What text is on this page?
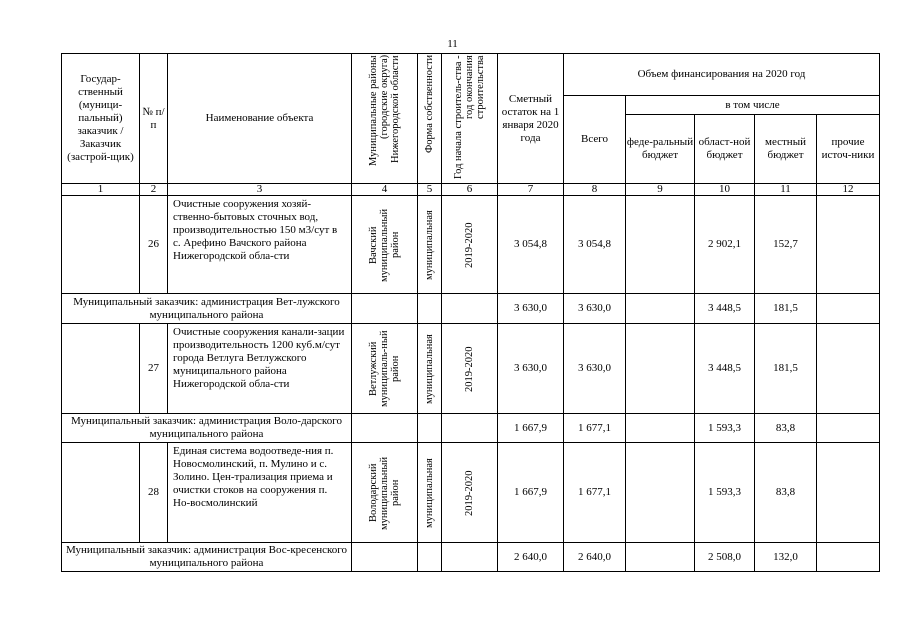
11
Государ-ственный (муници-пальный) заказчик /Заказчик (застрой-щик)	№ п/п	Наименование объекта	Муниципальные районы (городские округа) Нижегородской области	Форма собственности	Год начала строитель-ства - год окончания строительства	Сметный остаток на 1 января 2020 года	Объем финансирования на 2020 год				
							Всего	в том числе			
								феде-ральный бюджет	област-ной бюджет	местный бюджет	прочие источ-ники
1	2	3	4	5	6	7	8	9	10	11	12
	26	Очистные сооружения хозяй-ственно-бытовых сточных вод, производительностью 150 м3/сут в с. Арефино Вачского района Нижегородской обла-сти	Вачский муниципальный район	муниципальная	2019-2020	3 054,8	3 054,8		2 902,1	152,7	
Муниципальный заказчик: администрация Вет-лужского муниципального района						3 630,0	3 630,0		3 448,5	181,5	
	27	Очистные сооружения канали-зации производительность 1200 куб.м/сут города Ветлуга Ветлужского муниципального района Нижегородской обла-сти	Ветлужский муниципаль-ный район	муниципальная	2019-2020	3 630,0	3 630,0		3 448,5	181,5	
Муниципальный заказчик: администрация Воло-дарского муниципального района						1 667,9	1 677,1		1 593,3	83,8	
	28	Единая система водоотведе-ния п. Новосмолинский, п. Мулино и с. Золино. Цен-трализация приема и очистки стоков на сооружения п. Но-восмолинский	Володарский муниципальный район	муниципальная	2019-2020	1 667,9	1 677,1		1 593,3	83,8	
Муниципальный заказчик: администрация Вос-кресенского муниципального района						2 640,0	2 640,0		2 508,0	132,0	
